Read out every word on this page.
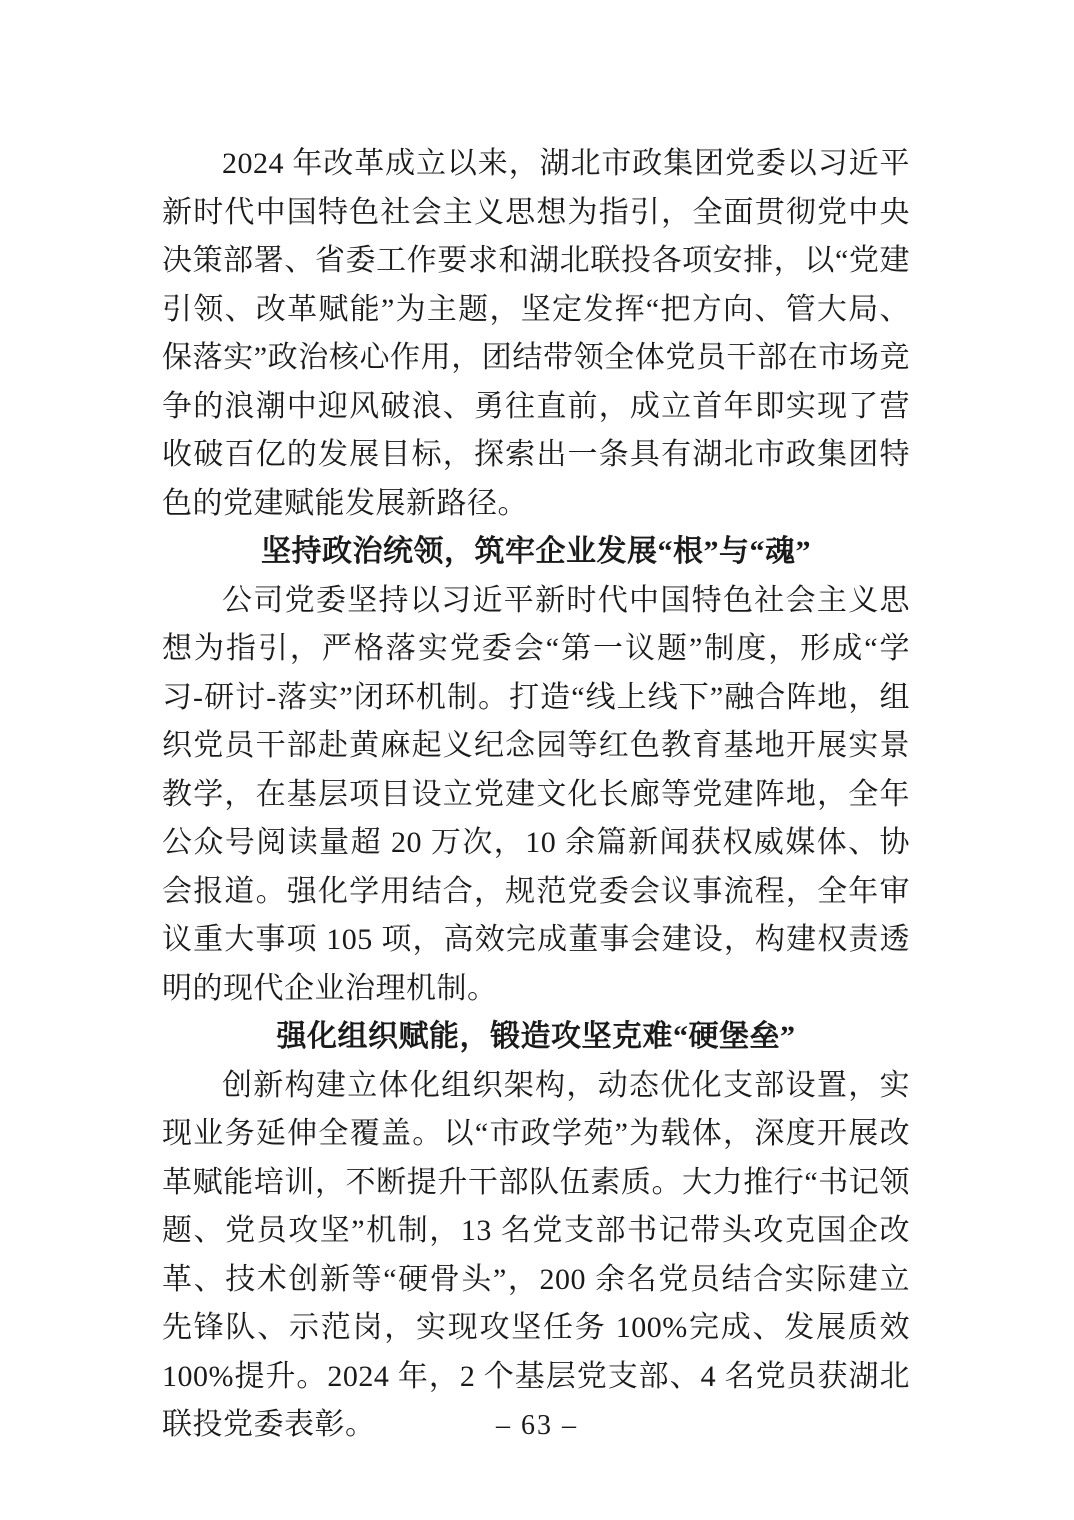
2024 年改革成立以来，湖北市政集团党委以习近平新时代中国特色社会主义思想为指引，全面贯彻党中央决策部署、省委工作要求和湖北联投各项安排，以“党建引领、改革赋能”为主题，坚定发挥“把方向、管大局、保落实”政治核心作用，团结带领全体党员干部在市场竞争的浪潮中迎风破浪、勇往直前，成立首年即实现了营收破百亿的发展目标，探索出一条具有湖北市政集团特色的党建赋能发展新路径。

坚持政治统领，筑牢企业发展“根”与“魂”

公司党委坚持以习近平新时代中国特色社会主义思想为指引，严格落实党委会“第一议题”制度，形成“学习-研讨-落实”闭环机制。打造“线上线下”融合阵地，组织党员干部赴黄麻起义纪念园等红色教育基地开展实景教学，在基层项目设立党建文化长廊等党建阵地，全年公众号阅读量超 20 万次，10 余篇新闻获权威媒体、协会报道。强化学用结合，规范党委会议事流程，全年审议重大事项 105 项，高效完成董事会建设，构建权责透明的现代企业治理机制。

强化组织赋能，锻造攻坚克难“硬堡垒”

创新构建立体化组织架构，动态优化支部设置，实现业务延伸全覆盖。以“市政学苑”为载体，深度开展改革赋能培训，不断提升干部队伍素质。大力推行“书记领题、党员攻坚”机制，13 名党支部书记带头攻克国企改革、技术创新等“硬骨头”，200 余名党员结合实际建立先锋队、示范岗，实现攻坚任务 100%完成、发展质效 100%提升。2024 年，2 个基层党支部、4 名党员获湖北联投党委表彰。	– 63 –
